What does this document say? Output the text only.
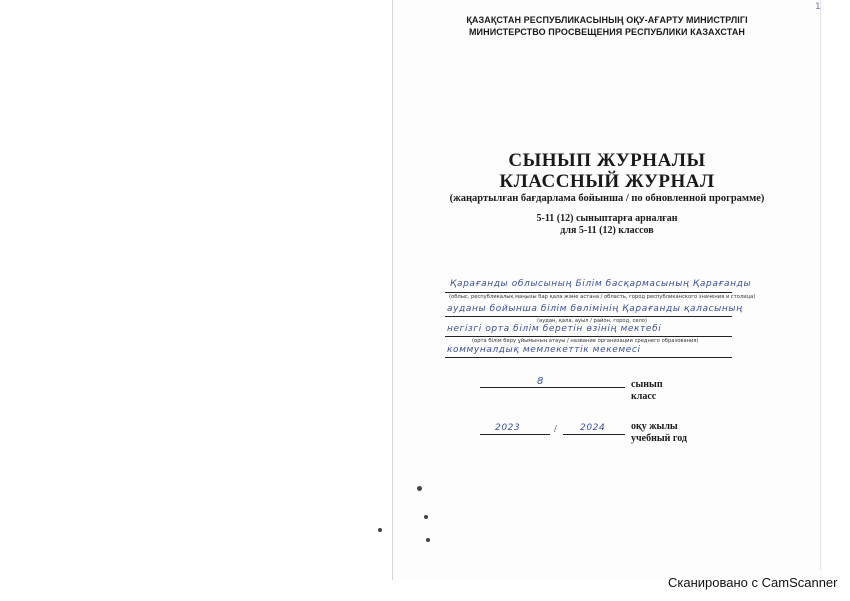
1
ҚАЗАҚСТАН РЕСПУБЛИКАСЫНЫҢ ОҚУ-АҒАРТУ МИНИСТРЛІГІ
МИНИСТЕРСТВО ПРОСВЕЩЕНИЯ РЕСПУБЛИКИ КАЗАХСТАН
СЫНЫП ЖУРНАЛЫ
КЛАССНЫЙ ЖУРНАЛ
(жаңартылған бағдарлама бойынша / по обновленной программе)
5-11 (12) сыныптарға арналған
для 5-11 (12) классов
Қарағанды облысының Білім басқармасының Қарағанды
(облыс, республикалық маңызы бар қала және астана / область, город республиканского значения и столица)
ауданы бойынша білім бөлімінің Қарағанды қаласының
(аудан, қала, ауыл / район, город, село)
негізгі орта білім беретін өзінің мектебі
(орта білім беру ұйымының атауы / название организации среднего образования)
коммуналдық мемлекеттік мекемесі
8	сынып
класс
2023	/	2024	оқу жылы
учебный год
Сканировано с CamScanner
